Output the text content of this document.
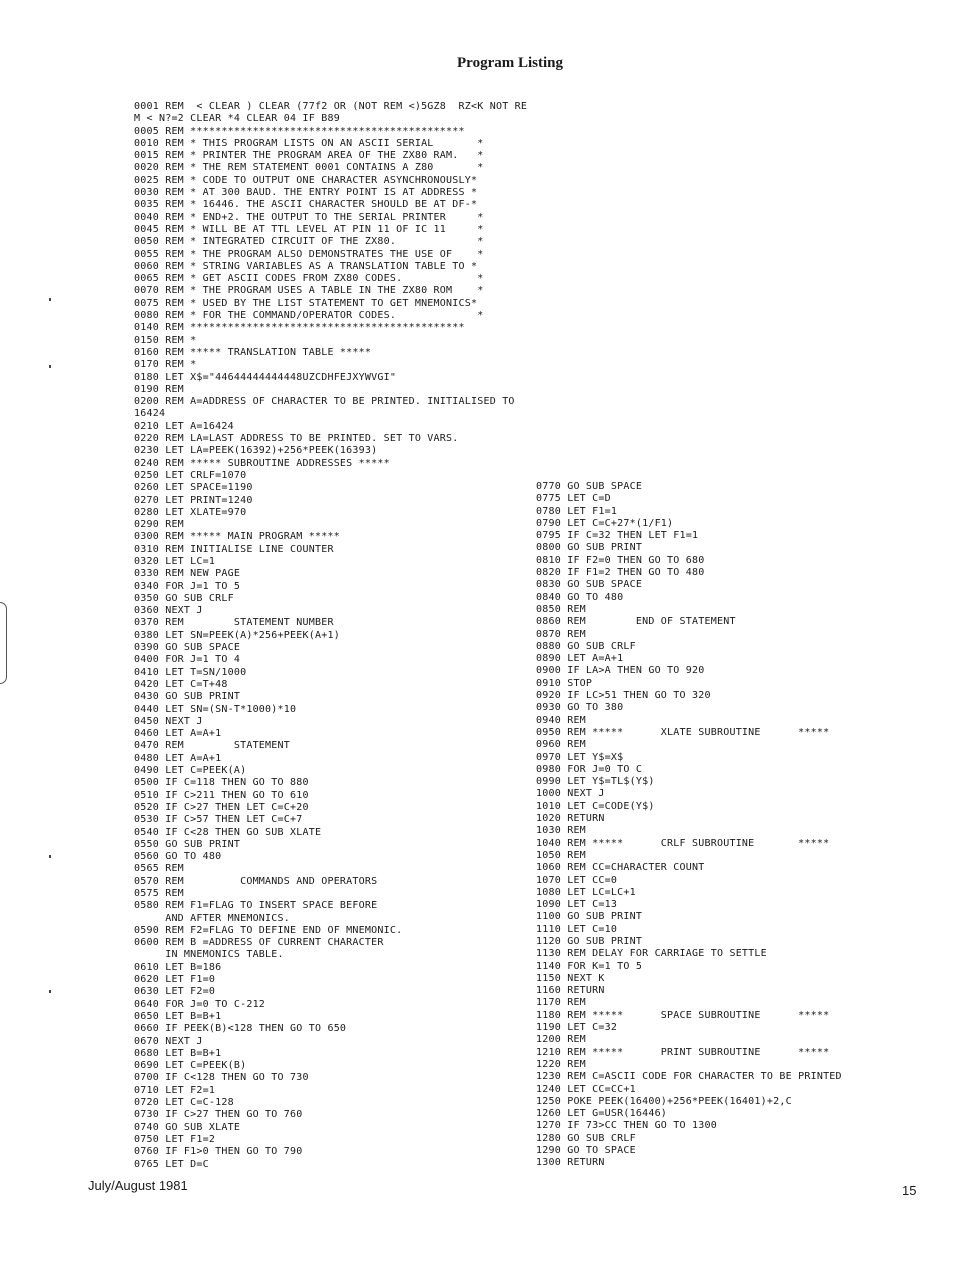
Program Listing
0001 REM  < CLEAR ) CLEAR (77f2 OR (NOT REM <)5GZ8  RZ<K NOT RE
M < N?=2 CLEAR *4 CLEAR 04 IF B89
0005 REM ********************************************
0010 REM * THIS PROGRAM LISTS ON AN ASCII SERIAL       *
0015 REM * PRINTER THE PROGRAM AREA OF THE ZX80 RAM.   *
0020 REM * THE REM STATEMENT 0001 CONTAINS A Z80       *
0025 REM * CODE TO OUTPUT ONE CHARACTER ASYNCHRONOUSLY*
0030 REM * AT 300 BAUD. THE ENTRY POINT IS AT ADDRESS *
0035 REM * 16446. THE ASCII CHARACTER SHOULD BE AT DF-*
0040 REM * END+2. THE OUTPUT TO THE SERIAL PRINTER     *
0045 REM * WILL BE AT TTL LEVEL AT PIN 11 OF IC 11     *
0050 REM * INTEGRATED CIRCUIT OF THE ZX80.             *
0055 REM * THE PROGRAM ALSO DEMONSTRATES THE USE OF    *
0060 REM * STRING VARIABLES AS A TRANSLATION TABLE TO *
0065 REM * GET ASCII CODES FROM ZX80 CODES.            *
0070 REM * THE PROGRAM USES A TABLE IN THE ZX80 ROM    *
0075 REM * USED BY THE LIST STATEMENT TO GET MNEMONICS*
0080 REM * FOR THE COMMAND/OPERATOR CODES.             *
0140 REM ********************************************
0150 REM *
0160 REM ***** TRANSLATION TABLE *****
0170 REM *
0180 LET X$="44644444444448UZCDHFEJXYWVGI"
0190 REM
0200 REM A=ADDRESS OF CHARACTER TO BE PRINTED. INITIALISED TO
16424
0210 LET A=16424
0220 REM LA=LAST ADDRESS TO BE PRINTED. SET TO VARS.
0230 LET LA=PEEK(16392)+256*PEEK(16393)
0240 REM ***** SUBROUTINE ADDRESSES *****
0250 LET CRLF=1070
0260 LET SPACE=1190
0270 LET PRINT=1240
0280 LET XLATE=970
0290 REM
0300 REM ***** MAIN PROGRAM *****
0310 REM INITIALISE LINE COUNTER
0320 LET LC=1
0330 REM NEW PAGE
0340 FOR J=1 TO 5
0350 GO SUB CRLF
0360 NEXT J
0370 REM        STATEMENT NUMBER
0380 LET SN=PEEK(A)*256+PEEK(A+1)
0390 GO SUB SPACE
0400 FOR J=1 TO 4
0410 LET T=SN/1000
0420 LET C=T+48
0430 GO SUB PRINT
0440 LET SN=(SN-T*1000)*10
0450 NEXT J
0460 LET A=A+1
0470 REM        STATEMENT
0480 LET A=A+1
0490 LET C=PEEK(A)
0500 IF C=118 THEN GO TO 880
0510 IF C>211 THEN GO TO 610
0520 IF C>27 THEN LET C=C+20
0530 IF C>57 THEN LET C=C+7
0540 IF C<28 THEN GO SUB XLATE
0550 GO SUB PRINT
0560 GO TO 480
0565 REM
0570 REM         COMMANDS AND OPERATORS
0575 REM
0580 REM F1=FLAG TO INSERT SPACE BEFORE
AND AFTER MNEMONICS.
0590 REM F2=FLAG TO DEFINE END OF MNEMONIC.
0600 REM B =ADDRESS OF CURRENT CHARACTER
IN MNEMONICS TABLE.
0610 LET B=186
0620 LET F1=0
0630 LET F2=0
0640 FOR J=0 TO C-212
0650 LET B=B+1
0660 IF PEEK(B)<128 THEN GO TO 650
0670 NEXT J
0680 LET B=B+1
0690 LET C=PEEK(B)
0700 IF C<128 THEN GO TO 730
0710 LET F2=1
0720 LET C=C-128
0730 IF C>27 THEN GO TO 760
0740 GO SUB XLATE
0750 LET F1=2
0760 IF F1>0 THEN GO TO 790
0765 LET D=C
0770 GO SUB SPACE
0775 LET C=D
0780 LET F1=1
0790 LET C=C+27*(1/F1)
0795 IF C=32 THEN LET F1=1
0800 GO SUB PRINT
0810 IF F2=0 THEN GO TO 680
0820 IF F1=2 THEN GO TO 480
0830 GO SUB SPACE
0840 GO TO 480
0850 REM
0860 REM        END OF STATEMENT
0870 REM
0880 GO SUB CRLF
0890 LET A=A+1
0900 IF LA>A THEN GO TO 920
0910 STOP
0920 IF LC>51 THEN GO TO 320
0930 GO TO 380
0940 REM
0950 REM *****      XLATE SUBROUTINE      *****
0960 REM
0970 LET Y$=X$
0980 FOR J=0 TO C
0990 LET Y$=TL$(Y$)
1000 NEXT J
1010 LET C=CODE(Y$)
1020 RETURN
1030 REM
1040 REM *****      CRLF SUBROUTINE       *****
1050 REM
1060 REM CC=CHARACTER COUNT
1070 LET CC=0
1080 LET LC=LC+1
1090 LET C=13
1100 GO SUB PRINT
1110 LET C=10
1120 GO SUB PRINT
1130 REM DELAY FOR CARRIAGE TO SETTLE
1140 FOR K=1 TO 5
1150 NEXT K
1160 RETURN
1170 REM
1180 REM *****      SPACE SUBROUTINE      *****
1190 LET C=32
1200 REM
1210 REM *****      PRINT SUBROUTINE      *****
1220 REM
1230 REM C=ASCII CODE FOR CHARACTER TO BE PRINTED
1240 LET CC=CC+1
1250 POKE PEEK(16400)+256*PEEK(16401)+2,C
1260 LET G=USR(16446)
1270 IF 73>CC THEN GO TO 1300
1280 GO SUB CRLF
1290 GO TO SPACE
1300 RETURN
July/August 1981	15
